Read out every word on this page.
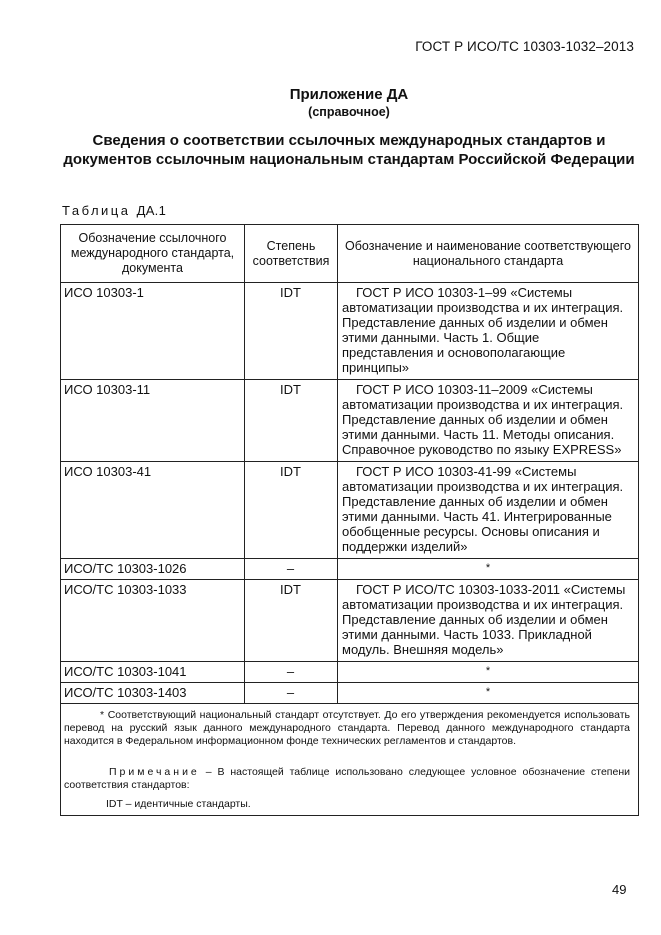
ГОСТ Р ИСО/ТС 10303-1032–2013
Приложение ДА
(справочное)
Сведения о соответствии ссылочных международных стандартов и документов ссылочным национальным стандартам Российской Федерации
Таблица ДА.1
Обозначение ссылочного международного стандарта, документа	Степень соответствия	Обозначение и наименование соответствующего национального стандарта
ИСО 10303-1	IDT	ГОСТ Р ИСО 10303-1–99 «Системы автоматизации производства и их интеграция. Представление данных об изделии и обмен этими данными. Часть 1. Общие представления и основополагающие принципы»

ИСО 10303-11	IDT	ГОСТ Р ИСО 10303-11–2009 «Системы автоматизации производства и их интеграция. Представление данных об изделии и обмен этими данными. Часть 11. Методы описания. Справочное руководство по языку EXPRESS»

ИСО 10303-41	IDT	ГОСТ Р ИСО 10303-41-99 «Системы автоматизации производства и их интеграция. Представление данных об изделии и обмен этими данными. Часть 41. Интегрированные обобщенные ресурсы. Основы описания и поддержки изделий»

ИСО/ТС 10303-1026	–	*

ИСО/ТС 10303-1033	IDT	ГОСТ Р ИСО/ТС 10303-1033-2011 «Системы автоматизации производства и их интеграция. Представление данных об изделии и обмен этими данными. Часть 1033. Прикладной модуль. Внешняя модель»

ИСО/ТС 10303-1041	–	*

ИСО/ТС 10303-1403	–	*

* Соответствующий национальный стандарт отсутствует. До его утверждения рекомендуется использовать перевод на русский язык данного международного стандарта. Перевод данного международного стандарта находится в Федеральном информационном фонде технических регламентов и стандартов.

Примечание – В настоящей таблице использовано следующее условное обозначение степени соответствия стандартов:

IDT – идентичные стандарты.		
49
